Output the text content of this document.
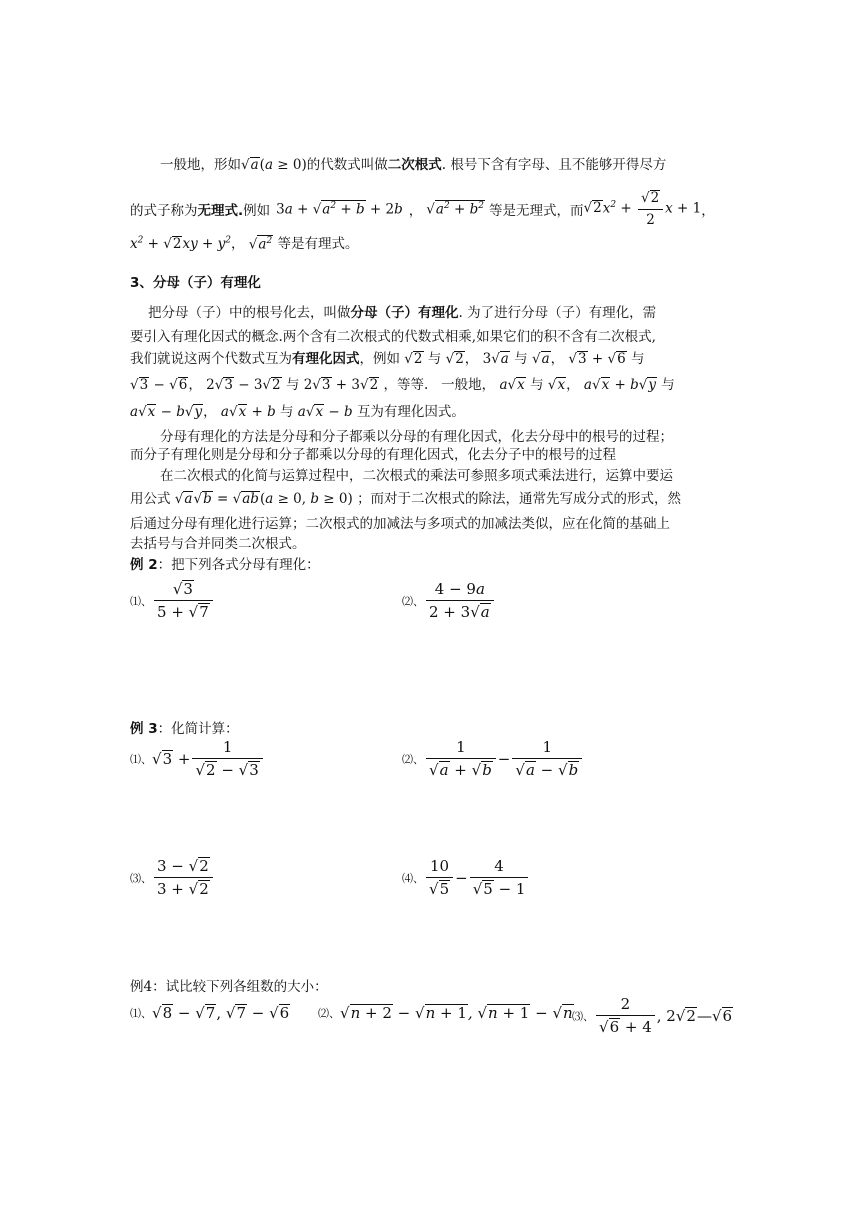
一般地，形如√a(a ≥ 0)的代数式叫做二次根式. 根号下含有字母、且不能够开得尽方
的式子称为 无理式. 例如 $3a + √a^2 + b + 2b$ ， $√a^2 + b^2$ 等是无理式，而 $√2x^2 + \frac{√2}{2}$ x + 1 ，
$x^2 + √2xy + y^2$， $√a^2$ 等是有理式。
3、分母（子）有理化
把分母（子）中的根号化去，叫做分母（子）有理化. 为了进行分母（子）有理化，需
要引入有理化因式的概念.两个含有二次根式的代数式相乘,如果它们的积不含有二次根式,
我们就说这两个代数式互为有理化因式，例如 √2 与 √2， 3√a 与 √a， √3 + √6 与
√3 − √6， 2√3 − 3√2 与 2√3 + 3√2 ，等等. 一般地， a√x 与 √x， a√x + b√y 与
a√x − b√y， a√x + b 与 a√x − b 互为有理化因式。
分母有理化的方法是分母和分子都乘以分母的有理化因式，化去分母中的根号的过程；
而分子有理化则是分母和分子都乘以分母的有理化因式，化去分子中的根号的过程
在二次根式的化简与运算过程中，二次根式的乘法可参照多项式乘法进行，运算中要运
用公式 √a√b = √ab(a ≥ 0, b ≥ 0) ；而对于二次根式的除法，通常先写成分式的形式，然
后通过分母有理化进行运算；二次根式的加减法与多项式的加减法类似，应在化简的基础上
去括号与合并同类二次根式。
例 2：把下列各式分母有理化：
⑴、 $\frac{√3}{5 + √7}$	⑵、 $\frac{4 - 9a}{2 + 3√a}$
例 3：化简计算：
⑴、 $√3 + \frac{1}{√2 - √3}$	⑵、 $\frac{1}{√a + √b} - \frac{1}{√a - √b}$
⑶、 $\frac{3 - √2}{3 + √2}$	⑷、 $\frac{10}{√5} - \frac{4}{√5 - 1}$
例4：试比较下列各组数的大小：
⑴、 √8 − √7, √7 − √6	⑵、 √n + 2 − √n + 1, √n + 1 − √n ⑶、 $\frac{2}{√6 + 4}$ , 2 √2 — √6
